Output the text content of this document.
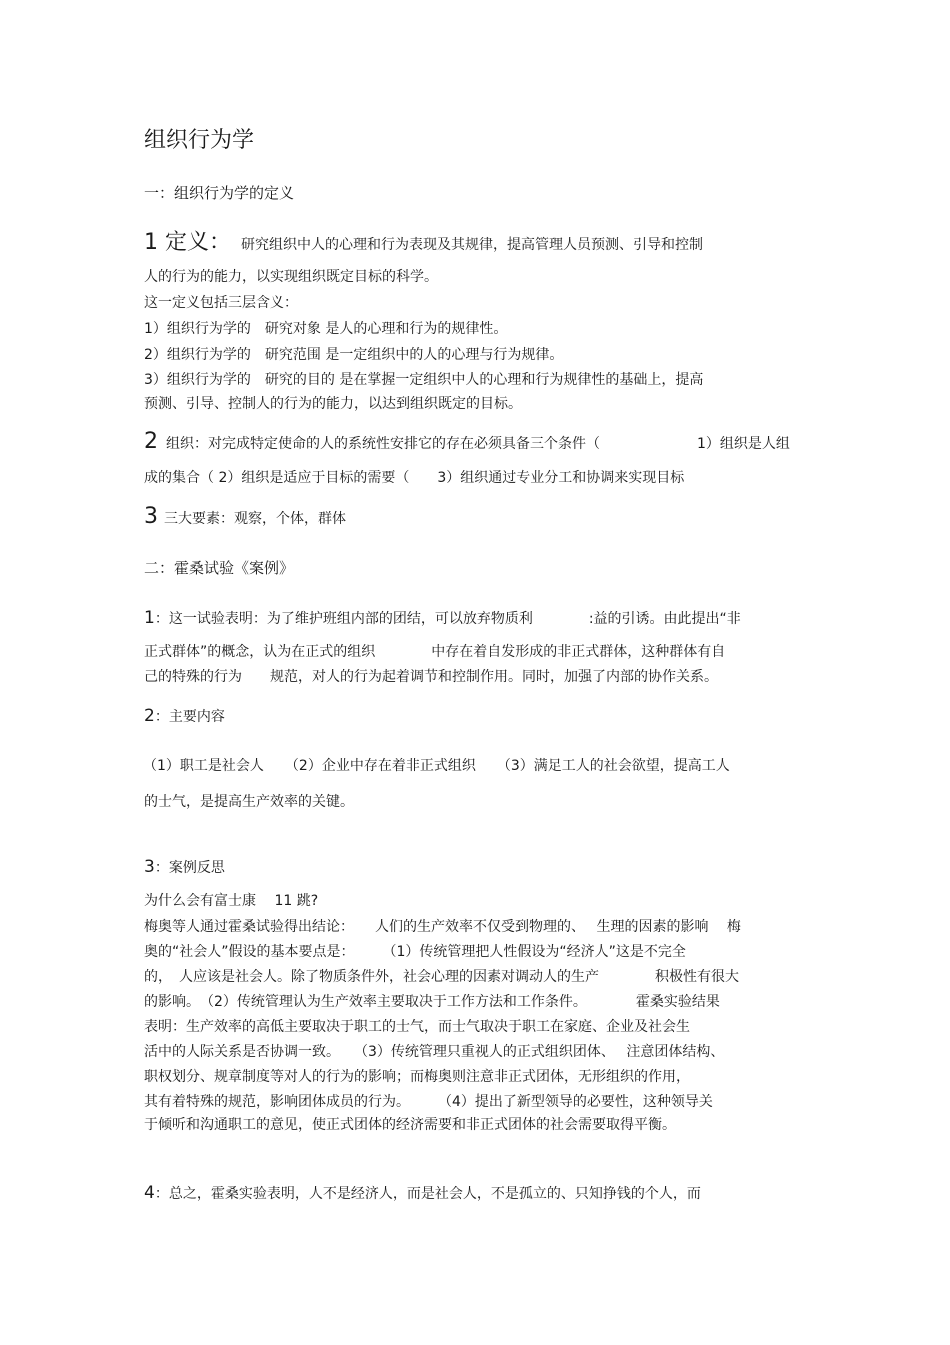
组织行为学
一：组织行为学的定义
1 定义： 研究组织中人的心理和行为表现及其规律，提高管理人员预测、引导和控制
人的行为的能力，以实现组织既定目标的科学。
这一定义包括三层含义：
1）组织行为学的　研究对象 是人的心理和行为的规律性。
2）组织行为学的　研究范围 是一定组织中的人的心理与行为规律。
3）组织行为学的　研究的目的 是在掌握一定组织中人的心理和行为规律性的基础上，提高
预测、引导、控制人的行为的能力，以达到组织既定的目标。
2 组织：对完成特定使命的人的系统性安排它的存在必须具备三个条件（	1）组织是人组
成的集合（ 2）组织是适应于目标的需要（　　3）组织通过专业分工和协调来实现目标
3 三大要素：观察，个体，群体
二：霍桑试验《案例》
1：这一试验表明：为了维护班组内部的团结，可以放弃物质利　　　　:益的引诱。由此提出“非
正式群体”的概念，认为在正式的组织　　　　中存在着自发形成的非正式群体，这种群体有自
己的特殊的行为　　规范，对人的行为起着调节和控制作用。同时，加强了内部的协作关系。
2：主要内容
（1）职工是社会人　　（2）企业中存在着非正式组织　　（3）满足工人的社会欲望，提高工人
的士气，是提高生产效率的关键。
3：案例反思
为什么会有富士康　 11 跳?
梅奥等人通过霍桑试验得出结论：　　人们的生产效率不仅受到物理的、　 生理的因素的影响　 梅
奥的“社会人”假设的基本要点是：　　　（1）传统管理把人性假设为“经济人”这是不完全
的，　人应该是社会人。除了物质条件外，社会心理的因素对调动人的生产　　　　积极性有很大
的影响。　（2）传统管理认为生产效率主要取决于工作方法和工作条件。　　　　霍桑实验结果
表明：生产效率的高低主要取决于职工的士气，而士气取决于职工在家庭、企业及社会生
活中的人际关系是否协调一致。　　（3）传统管理只重视人的正式组织团体、　 注意团体结构、
职权划分、规章制度等对人的行为的影响；而梅奥则注意非正式团体，无形组织的作用，
其有着特殊的规范，影响团体成员的行为。　　　（4）提出了新型领导的必要性，这种领导关
于倾听和沟通职工的意见，使正式团体的经济需要和非正式团体的社会需要取得平衡。
4：总之，霍桑实验表明，人不是经济人，而是社会人，不是孤立的、只知挣钱的个人，而
